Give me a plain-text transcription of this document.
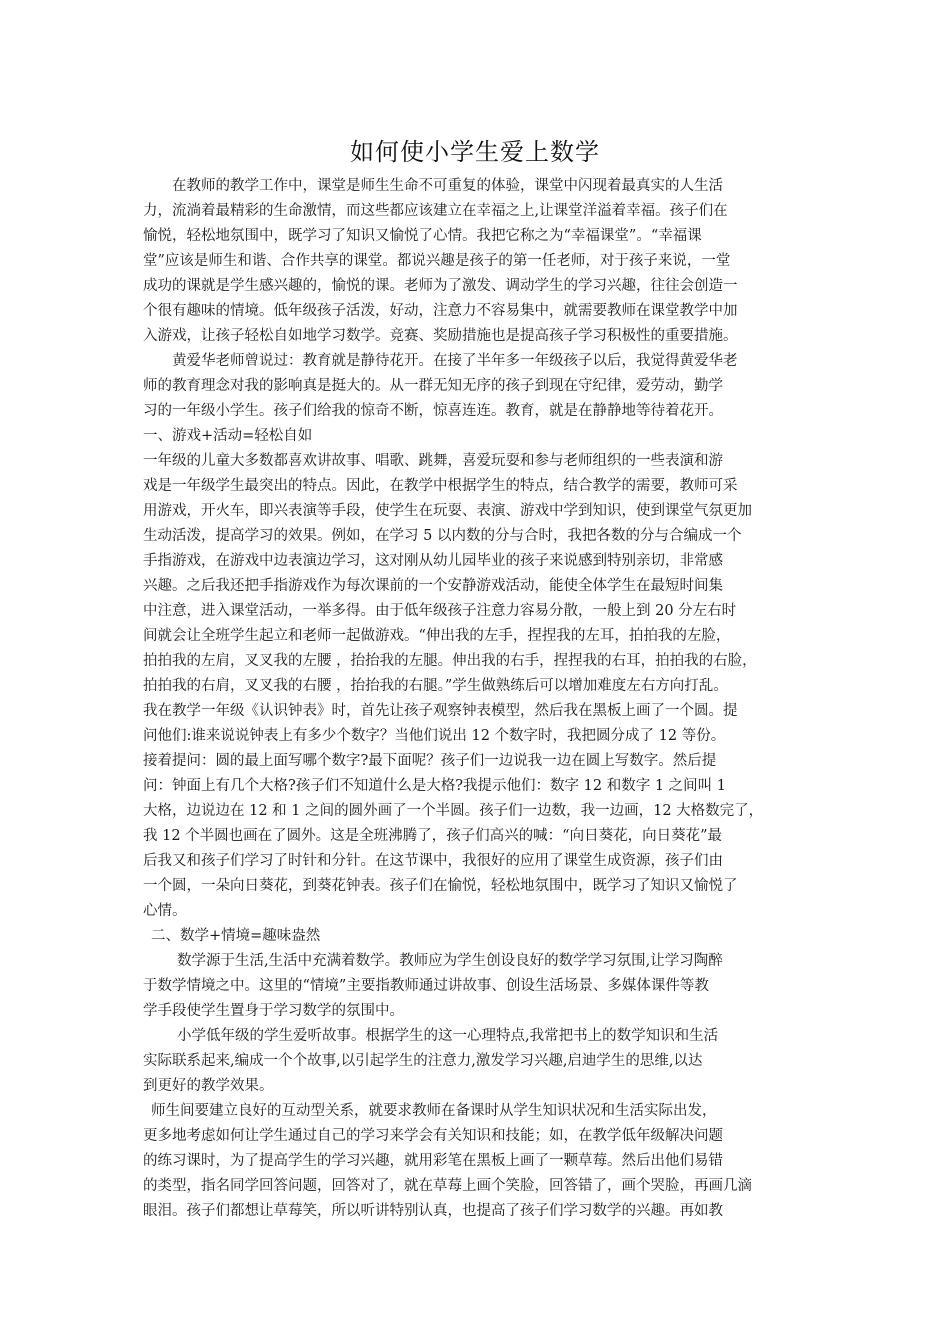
如何使小学生爱上数学
在教师的教学工作中，课堂是师生生命不可重复的体验，课堂中闪现着最真实的人生活
力，流淌着最精彩的生命激情，而这些都应该建立在幸福之上,让课堂洋溢着幸福。孩子们在
愉悦，轻松地氛围中，既学习了知识又愉悦了心情。我把它称之为“幸福课堂”。“幸福课
堂”应该是师生和谐、合作共享的课堂。都说兴趣是孩子的第一任老师，对于孩子来说，一堂
成功的课就是学生感兴趣的，愉悦的课。老师为了激发、调动学生的学习兴趣，往往会创造一
个很有趣味的情境。低年级孩子活泼，好动，注意力不容易集中，就需要教师在课堂教学中加
入游戏，让孩子轻松自如地学习数学。竞赛、奖励措施也是提高孩子学习积极性的重要措施。
黄爱华老师曾说过：教育就是静待花开。在接了半年多一年级孩子以后，我觉得黄爱华老
师的教育理念对我的影响真是挺大的。从一群无知无序的孩子到现在守纪律，爱劳动，勤学
习的一年级小学生。孩子们给我的惊奇不断，惊喜连连。教育，就是在静静地等待着花开。
一、游戏+活动=轻松自如
一年级的儿童大多数都喜欢讲故事、唱歌、跳舞，喜爱玩耍和参与老师组织的一些表演和游
戏是一年级学生最突出的特点。因此，在教学中根据学生的特点，结合教学的需要，教师可采
用游戏，开火车，即兴表演等手段，使学生在玩耍、表演、游戏中学到知识，使到课堂气氛更加
生动活泼，提高学习的效果。例如，在学习 5 以内数的分与合时，我把各数的分与合编成一个
手指游戏，在游戏中边表演边学习，这对刚从幼儿园毕业的孩子来说感到特别亲切，非常感
兴趣。之后我还把手指游戏作为每次课前的一个安静游戏活动，能使全体学生在最短时间集
中注意，进入课堂活动，一举多得。由于低年级孩子注意力容易分散，一般上到 20 分左右时
间就会让全班学生起立和老师一起做游戏。“伸出我的左手，捏捏我的左耳，拍拍我的左脸，
拍拍我的左肩，叉叉我的左腰 ，抬抬我的左腿。伸出我的右手，捏捏我的右耳，拍拍我的右脸，
拍拍我的右肩，叉叉我的右腰 ，抬抬我的右腿。”学生做熟练后可以增加难度左右方向打乱。
我在教学一年级《认识钟表》时，首先让孩子观察钟表模型，然后我在黑板上画了一个圆。提
问他们:谁来说说钟表上有多少个数字？当他们说出 12 个数字时，我把圆分成了 12 等份。
接着提问：圆的最上面写哪个数字?最下面呢？孩子们一边说我一边在圆上写数字。然后提
问：钟面上有几个大格?孩子们不知道什么是大格?我提示他们：数字 12 和数字 1 之间叫 1
大格，边说边在 12 和 1 之间的圆外画了一个半圆。孩子们一边数，我一边画，12 大格数完了，
我 12 个半圆也画在了圆外。这是全班沸腾了，孩子们高兴的喊：“向日葵花，向日葵花”最
后我又和孩子们学习了时针和分针。在这节课中，我很好的应用了课堂生成资源，孩子们由
一个圆，一朵向日葵花，到葵花钟表。孩子们在愉悦，轻松地氛围中，既学习了知识又愉悦了
心情。
二、数学+情境=趣味盎然
数学源于生活,生活中充满着数学。教师应为学生创设良好的数学学习氛围,让学习陶醉
于数学情境之中。这里的“情境”主要指教师通过讲故事、创设生活场景、多媒体课件等教
学手段使学生置身于学习数学的氛围中。
小学低年级的学生爱听故事。根据学生的这一心理特点,我常把书上的数学知识和生活
实际联系起来,编成一个个故事,以引起学生的注意力,激发学习兴趣,启迪学生的思维,以达
到更好的教学效果。
师生间要建立良好的互动型关系，就要求教师在备课时从学生知识状况和生活实际出发，
更多地考虑如何让学生通过自己的学习来学会有关知识和技能；如，在教学低年级解决问题
的练习课时，为了提高学生的学习兴趣，就用彩笔在黑板上画了一颗草莓。然后出他们易错
的类型，指名同学回答问题，回答对了，就在草莓上画个笑脸，回答错了，画个哭脸，再画几滴
眼泪。孩子们都想让草莓笑，所以听讲特别认真，也提高了孩子们学习数学的兴趣。再如教
